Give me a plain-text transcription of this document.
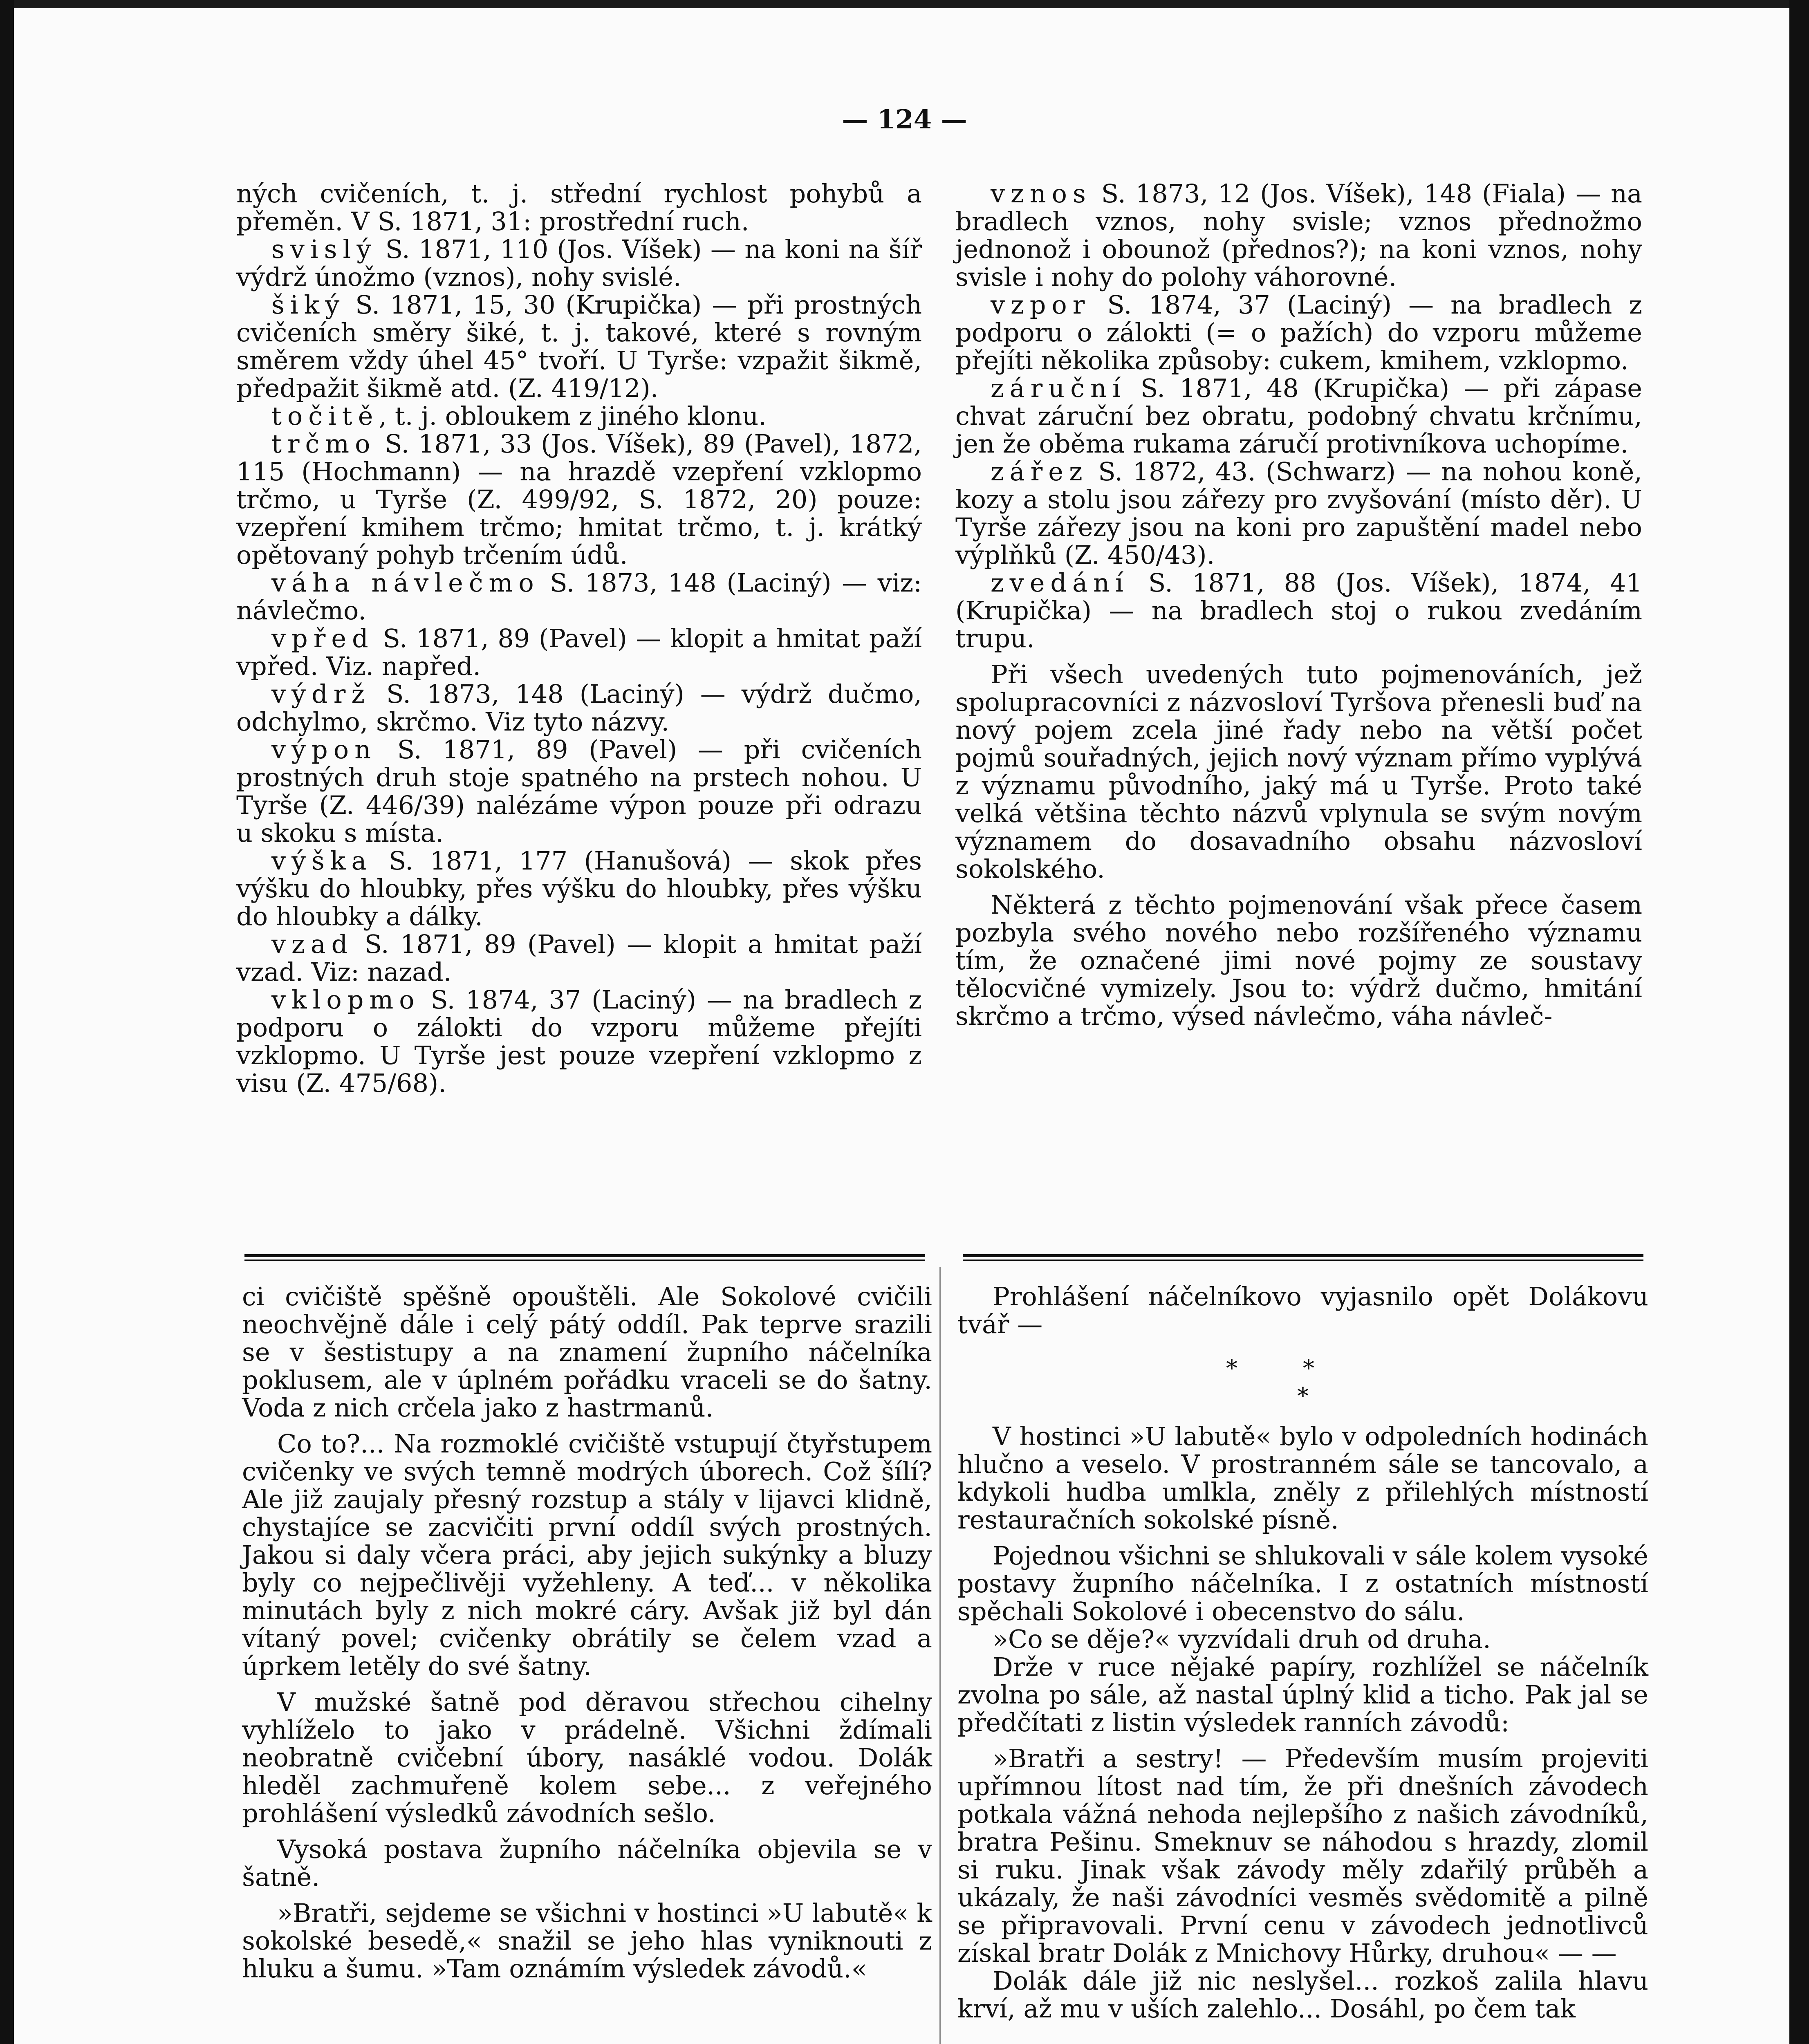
— 124 —

ných cvičeních, t. j. střední rychlost pohybů a přeměn. V S. 1871, 31: prostřední ruch.

svislý S. 1871, 110 (Jos. Víšek) — na koni na šíř výdrž únožmo (vznos), nohy svislé.

šiký S. 1871, 15, 30 (Krupička) — při prostných cvičeních směry šiké, t. j. takové, které s rovným směrem vždy úhel 45° tvoří. U Tyrše: vzpažit šikmě, předpažit šikmě atd. (Z. 419/12).

točitě, t. j. obloukem z jiného klonu.

trčmo S. 1871, 33 (Jos. Víšek), 89 (Pavel), 1872, 115 (Hochmann) — na hrazdě vzepření vzklopmo trčmo, u Tyrše (Z. 499/92, S. 1872, 20) pouze: vzepření kmihem trčmo; hmitat trčmo, t. j. krátký opětovaný pohyb trčením údů.

váha návlečmo S. 1873, 148 (Laciný) — viz: návlečmo.

vpřed S. 1871, 89 (Pavel) — klopit a hmitat paží vpřed. Viz. napřed.

výdrž S. 1873, 148 (Laciný) — výdrž dučmo, odchylmo, skrčmo. Viz tyto názvy.

výpon S. 1871, 89 (Pavel) — při cvičeních prostných druh stoje spatného na prstech nohou. U Tyrše (Z. 446/39) nalézáme výpon pouze při odrazu u skoku s místa.

výška S. 1871, 177 (Hanušová) — skok přes výšku do hloubky, přes výšku do hloubky, přes výšku do hloubky a dálky.

vzad S. 1871, 89 (Pavel) — klopit a hmitat paží vzad. Viz: nazad.

vklopmo S. 1874, 37 (Laciný) — na bradlech z podporu o zálokti do vzporu můžeme přejíti vzklopmo. U Tyrše jest pouze vzepření vzklopmo z visu (Z. 475/68).

vznos S. 1873, 12 (Jos. Víšek), 148 (Fiala) — na bradlech vznos, nohy svisle; vznos přednožmo jednonož i obounož (přednos?); na koni vznos, nohy svisle i nohy do polohy váhorovné.

vzpor S. 1874, 37 (Laciný) — na bradlech z podporu o zálokti (= o pažích) do vzporu můžeme přejíti několika způsoby: cukem, kmihem, vzklopmo.

záruční S. 1871, 48 (Krupička) — při zápase chvat záruční bez obratu, podobný chvatu krčnímu, jen že oběma rukama záručí protivníkova uchopíme.

zářez S. 1872, 43. (Schwarz) — na nohou koně, kozy a stolu jsou zářezy pro zvyšování (místo děr). U Tyrše zářezy jsou na koni pro zapuštění madel nebo výplňků (Z. 450/43).

zvedání S. 1871, 88 (Jos. Víšek), 1874, 41 (Krupička) — na bradlech stoj o rukou zvedáním trupu.

Při všech uvedených tuto pojmenováních, jež spolupracovníci z názvosloví Tyršova přenesli buď na nový pojem zcela jiné řady nebo na větší počet pojmů souřadných, jejich nový význam přímo vyplývá z významu původního, jaký má u Tyrše. Proto také velká většina těchto názvů vplynula se svým novým významem do dosavadního obsahu názvosloví sokolského.

Některá z těchto pojmenování však přece časem pozbyla svého nového nebo rozšířeného významu tím, že označené jimi nové pojmy ze soustavy tělocvičné vymizely. Jsou to: výdrž dučmo, hmitání skrčmo a trčmo, výsed návlečmo, váha návleč-

ci cvičiště spěšně opouštěli. Ale Sokolové cvičili neochvějně dále i celý pátý oddíl. Pak teprve srazili se v šestistupy a na znamení župního náčelníka poklusem, ale v úplném pořádku vraceli se do šatny. Voda z nich crčela jako z hastrmanů.

Co to?... Na rozmoklé cvičiště vstupují čtyřstupem cvičenky ve svých temně modrých úborech. Což šílí? Ale již zaujaly přesný rozstup a stály v lijavci klidně, chystajíce se zacvičiti první oddíl svých prostných. Jakou si daly včera práci, aby jejich sukýnky a bluzy byly co nejpečlivěji vyžehleny. A teď... v několika minutách byly z nich mokré cáry. Avšak již byl dán vítaný povel; cvičenky obrátily se čelem vzad a úprkem letěly do své šatny.

V mužské šatně pod děravou střechou cihelny vyhlíželo to jako v prádelně. Všichni ždímali neobratně cvičební úbory, nasáklé vodou. Dolák hleděl zachmuřeně kolem sebe... z veřejného prohlášení výsledků závodních sešlo.

Vysoká postava župního náčelníka objevila se v šatně.

»Bratři, sejdeme se všichni v hostinci »U labutě« k sokolské besedě,« snažil se jeho hlas vyniknouti z hluku a šumu. »Tam oznámím výsledek závodů.«

Prohlášení náčelníkovo vyjasnilo opět Dolákovu tvář —

**
*

V hostinci »U labutě« bylo v odpoledních hodinách hlučno a veselo. V prostranném sále se tancovalo, a kdykoli hudba umlkla, zněly z přilehlých místností restauračních sokolské písně.

Pojednou všichni se shlukovali v sále kolem vysoké postavy župního náčelníka. I z ostatních místností spěchali Sokolové i obecenstvo do sálu.

»Co se děje?« vyzvídali druh od druha.

Drže v ruce nějaké papíry, rozhlížel se náčelník zvolna po sále, až nastal úplný klid a ticho. Pak jal se předčítati z listin výsledek ranních závodů:

»Bratři a sestry! — Především musím projeviti upřímnou lítost nad tím, že při dnešních závodech potkala vážná nehoda nejlepšího z našich závodníků, bratra Pešinu. Smeknuv se náhodou s hrazdy, zlomil si ruku. Jinak však závody měly zdařilý průběh a ukázaly, že naši závodníci vesměs svědomitě a pilně se připravovali. První cenu v závodech jednotlivců získal bratr Dolák z Mnichovy Hůrky, druhou« — —

Dolák dále již nic neslyšel... rozkoš zalila hlavu krví, až mu v uších zalehlo... Dosáhl, po čem tak
